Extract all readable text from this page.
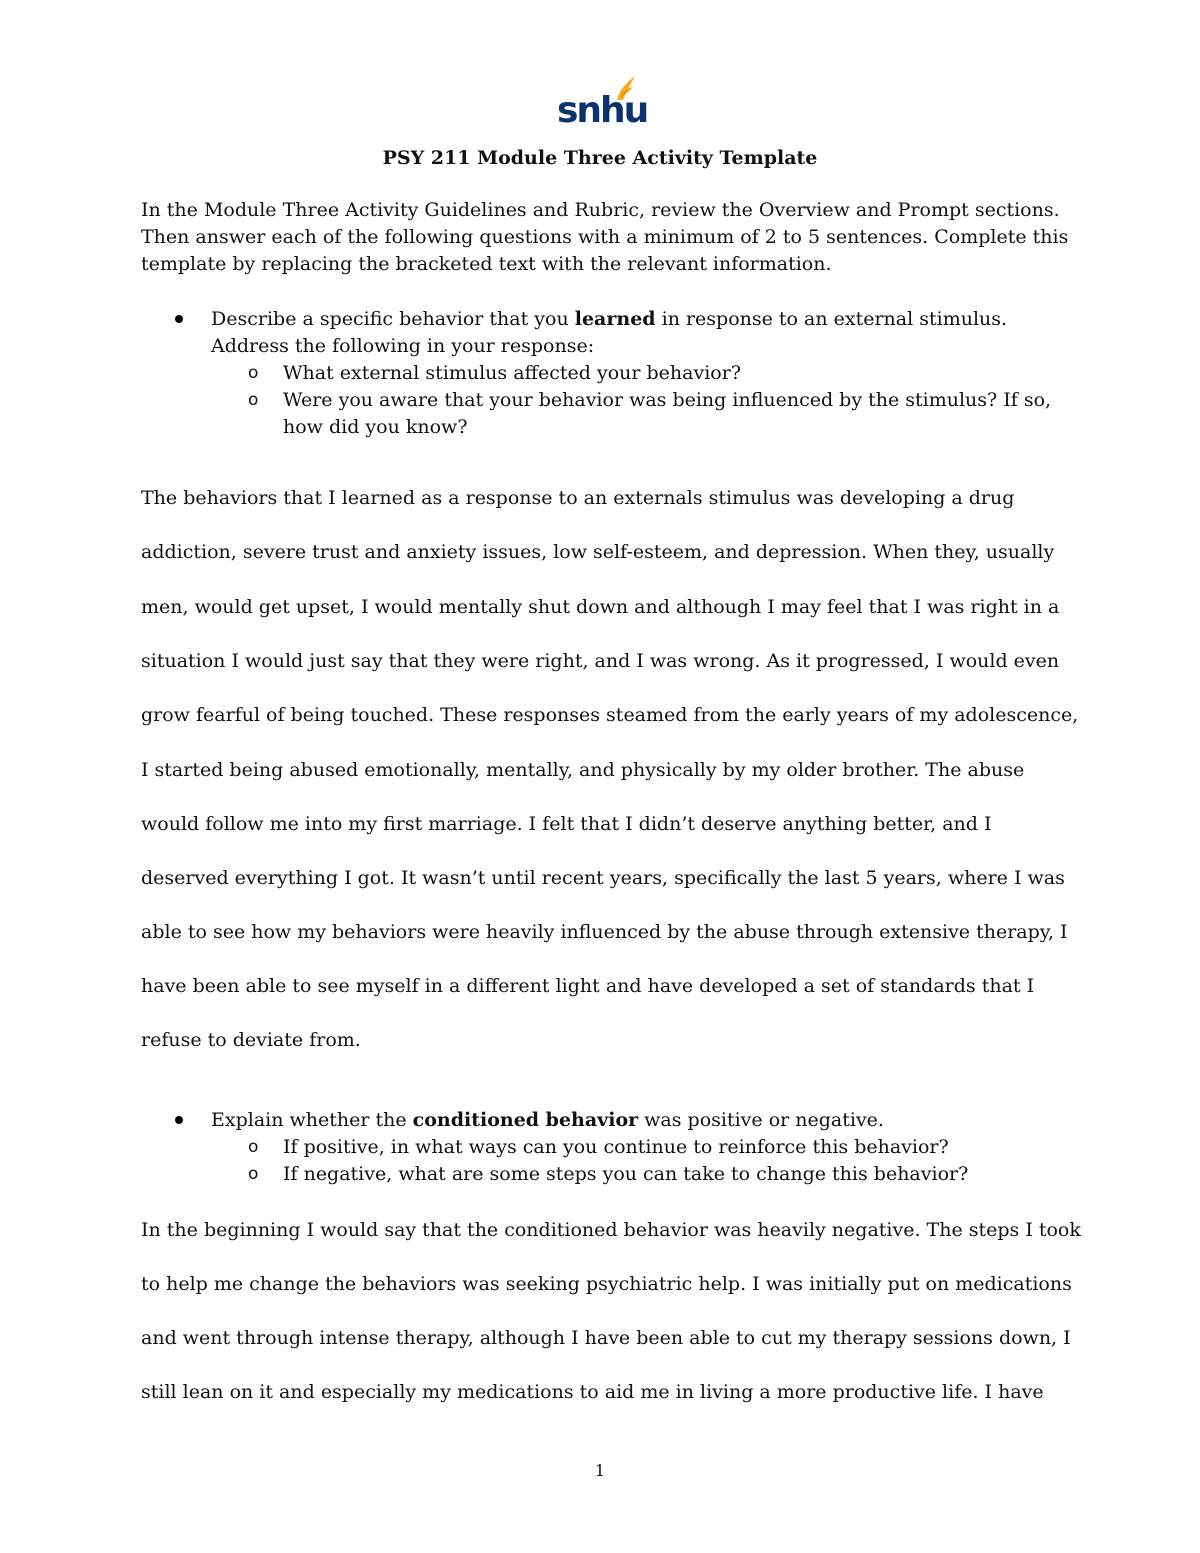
snhu
PSY 211 Module Three Activity Template
In the Module Three Activity Guidelines and Rubric, review the Overview and Prompt sections.
Then answer each of the following questions with a minimum of 2 to 5 sentences. Complete this
template by replacing the bracketed text with the relevant information.
Describe a specific behavior that you learned in response to an external stimulus.
Address the following in your response:
o What external stimulus affected your behavior?
o Were you aware that your behavior was being influenced by the stimulus? If so,
how did you know?
The behaviors that I learned as a response to an externals stimulus was developing a drug
addiction, severe trust and anxiety issues, low self-esteem, and depression. When they, usually
men, would get upset, I would mentally shut down and although I may feel that I was right in a
situation I would just say that they were right, and I was wrong. As it progressed, I would even
grow fearful of being touched. These responses steamed from the early years of my adolescence,
I started being abused emotionally, mentally, and physically by my older brother. The abuse
would follow me into my first marriage. I felt that I didn’t deserve anything better, and I
deserved everything I got. It wasn’t until recent years, specifically the last 5 years, where I was
able to see how my behaviors were heavily influenced by the abuse through extensive therapy, I
have been able to see myself in a different light and have developed a set of standards that I
refuse to deviate from.
Explain whether the conditioned behavior was positive or negative.
o If positive, in what ways can you continue to reinforce this behavior?
o If negative, what are some steps you can take to change this behavior?
In the beginning I would say that the conditioned behavior was heavily negative. The steps I took
to help me change the behaviors was seeking psychiatric help. I was initially put on medications
and went through intense therapy, although I have been able to cut my therapy sessions down, I
still lean on it and especially my medications to aid me in living a more productive life. I have
1
